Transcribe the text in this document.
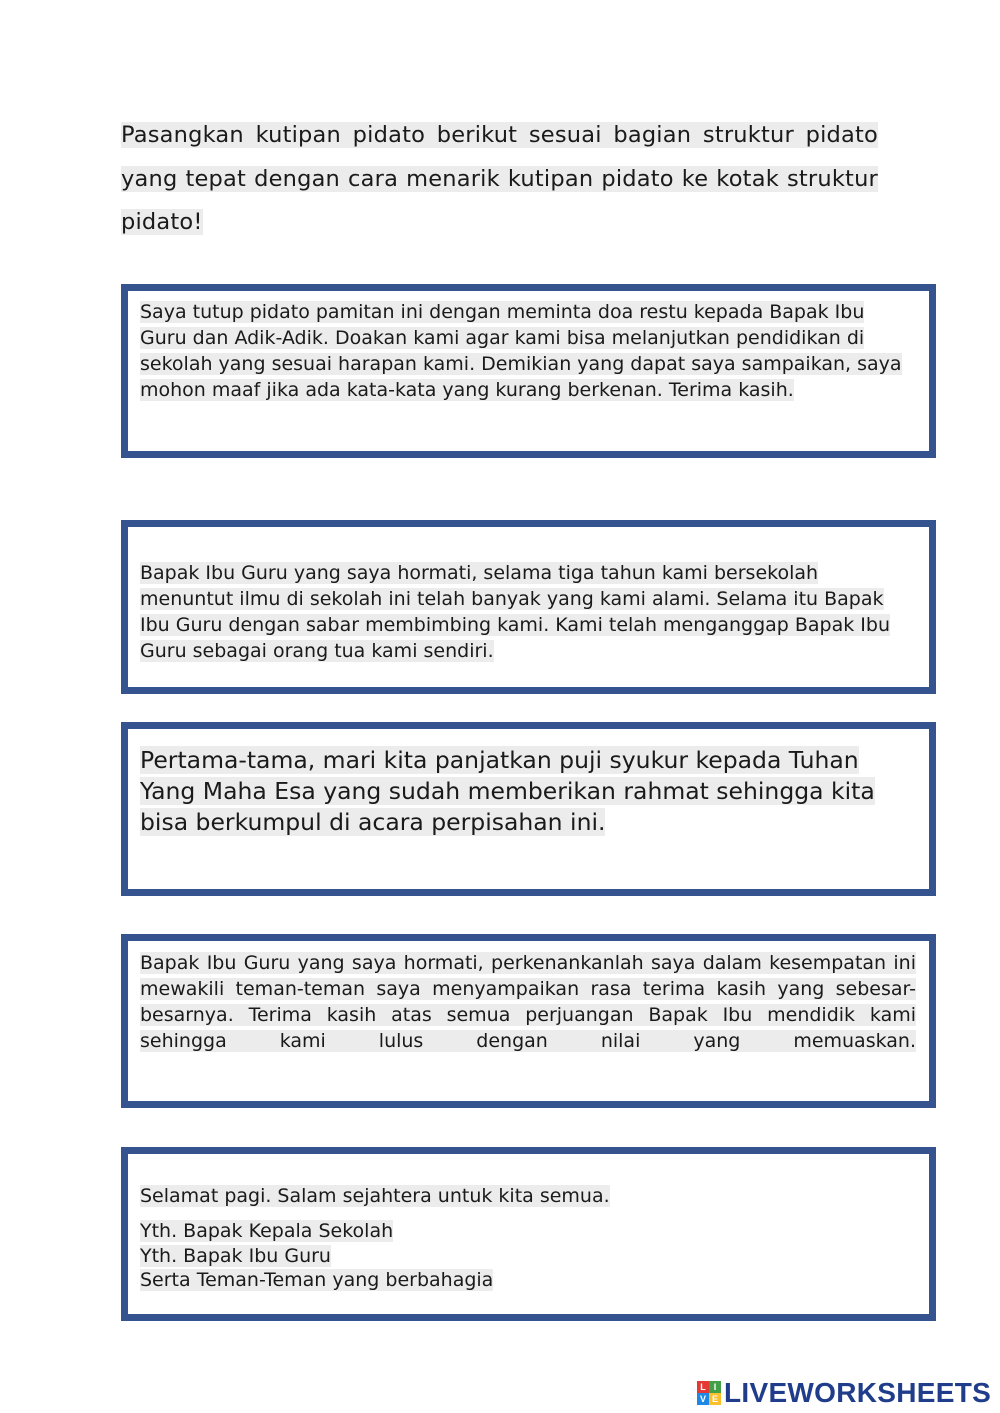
Pasangkan kutipan pidato berikut sesuai bagian struktur pidato yang tepat dengan cara menarik kutipan pidato ke kotak struktur pidato!
Saya tutup pidato pamitan ini dengan meminta doa restu kepada Bapak Ibu Guru dan Adik-Adik. Doakan kami agar kami bisa melanjutkan pendidikan di sekolah yang sesuai harapan kami. Demikian yang dapat saya sampaikan, saya mohon maaf jika ada kata-kata yang kurang berkenan. Terima kasih.
Bapak Ibu Guru yang saya hormati, selama tiga tahun kami bersekolah menuntut ilmu di sekolah ini telah banyak yang kami alami. Selama itu Bapak Ibu Guru dengan sabar membimbing kami. Kami telah menganggap Bapak Ibu Guru sebagai orang tua kami sendiri.
Pertama-tama, mari kita panjatkan puji syukur kepada Tuhan Yang Maha Esa yang sudah memberikan rahmat sehingga kita bisa berkumpul di acara perpisahan ini.
Bapak Ibu Guru yang saya hormati, perkenankanlah saya dalam kesempatan ini mewakili teman-teman saya menyampaikan rasa terima kasih yang sebesar-besarnya. Terima kasih atas semua perjuangan Bapak Ibu mendidik kami sehingga kami lulus dengan nilai yang memuaskan.
Selamat pagi. Salam sejahtera untuk kita semua.
Yth. Bapak Kepala Sekolah
Yth. Bapak Ibu Guru
Serta Teman-Teman yang berbahagia
L I
V E LIVEWORKSHEETS
